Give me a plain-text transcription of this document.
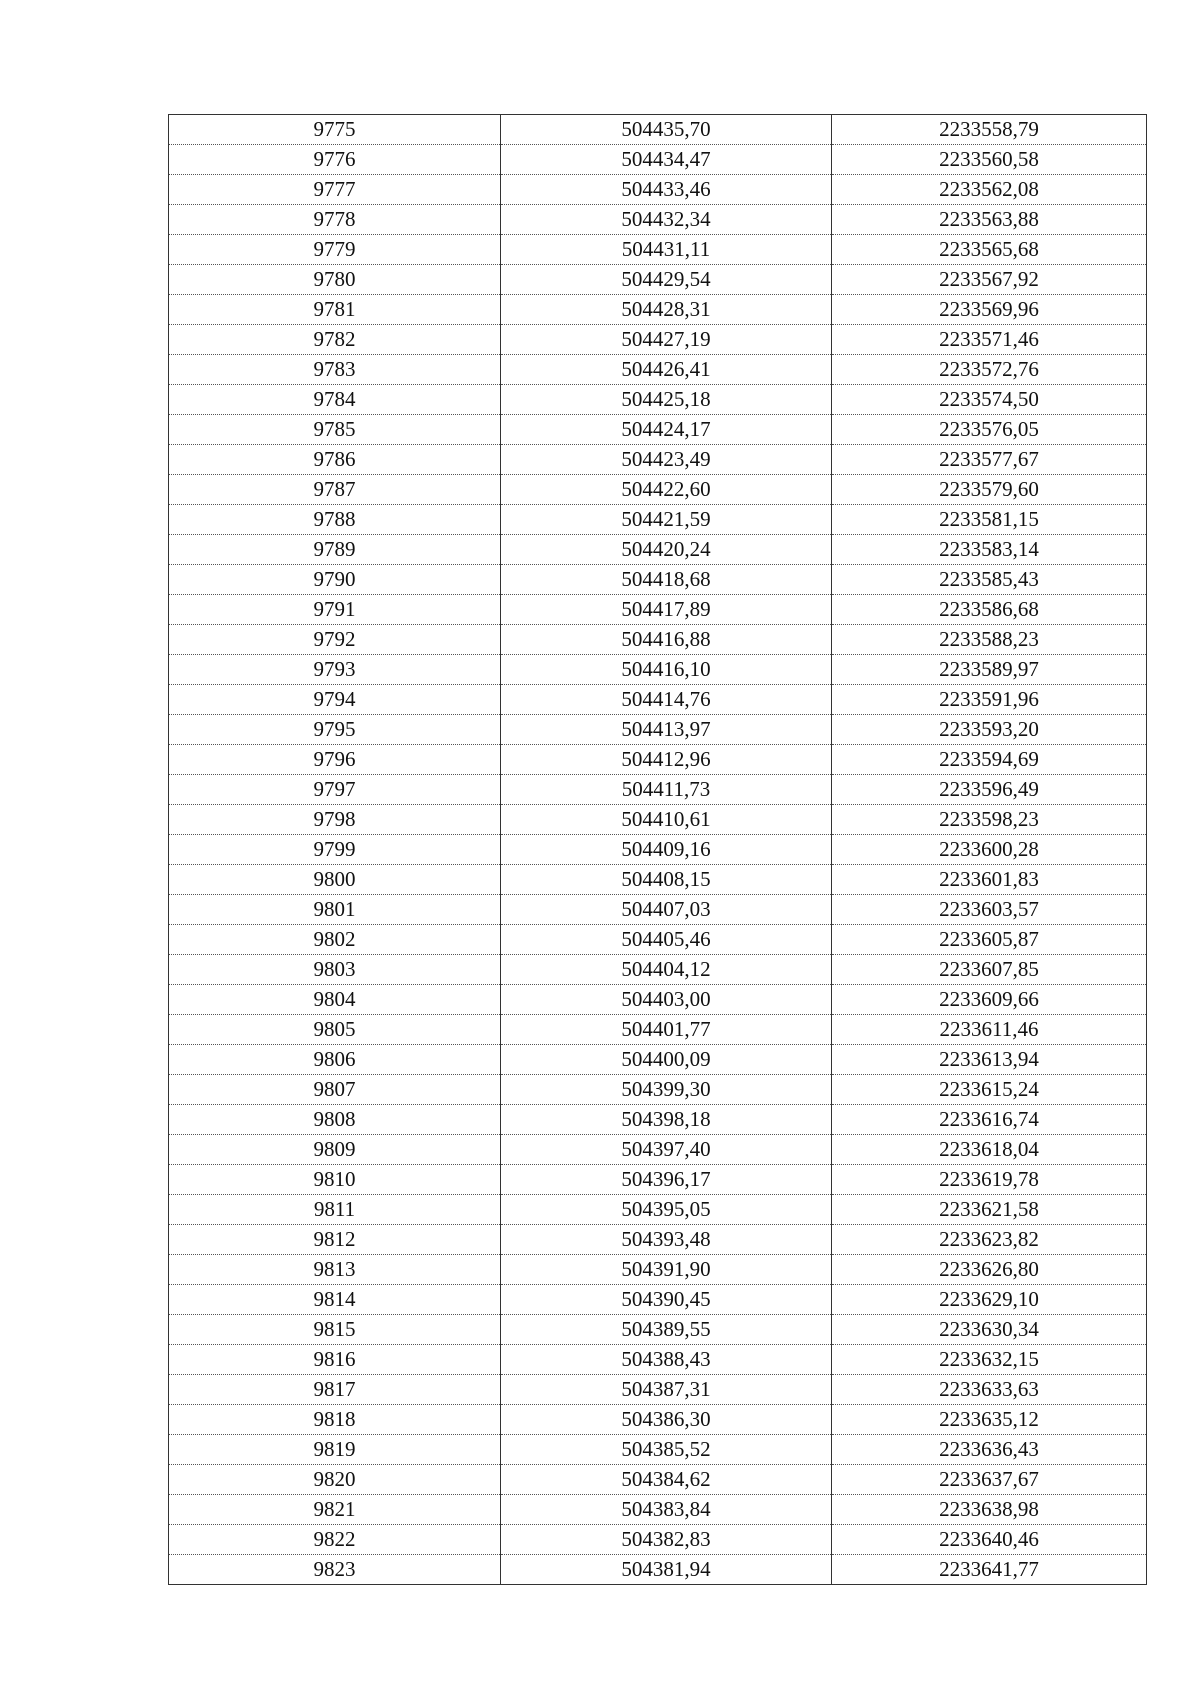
9775	504435,70	2233558,79
9776	504434,47	2233560,58
9777	504433,46	2233562,08
9778	504432,34	2233563,88
9779	504431,11	2233565,68
9780	504429,54	2233567,92
9781	504428,31	2233569,96
9782	504427,19	2233571,46
9783	504426,41	2233572,76
9784	504425,18	2233574,50
9785	504424,17	2233576,05
9786	504423,49	2233577,67
9787	504422,60	2233579,60
9788	504421,59	2233581,15
9789	504420,24	2233583,14
9790	504418,68	2233585,43
9791	504417,89	2233586,68
9792	504416,88	2233588,23
9793	504416,10	2233589,97
9794	504414,76	2233591,96
9795	504413,97	2233593,20
9796	504412,96	2233594,69
9797	504411,73	2233596,49
9798	504410,61	2233598,23
9799	504409,16	2233600,28
9800	504408,15	2233601,83
9801	504407,03	2233603,57
9802	504405,46	2233605,87
9803	504404,12	2233607,85
9804	504403,00	2233609,66
9805	504401,77	2233611,46
9806	504400,09	2233613,94
9807	504399,30	2233615,24
9808	504398,18	2233616,74
9809	504397,40	2233618,04
9810	504396,17	2233619,78
9811	504395,05	2233621,58
9812	504393,48	2233623,82
9813	504391,90	2233626,80
9814	504390,45	2233629,10
9815	504389,55	2233630,34
9816	504388,43	2233632,15
9817	504387,31	2233633,63
9818	504386,30	2233635,12
9819	504385,52	2233636,43
9820	504384,62	2233637,67
9821	504383,84	2233638,98
9822	504382,83	2233640,46
9823	504381,94	2233641,77
